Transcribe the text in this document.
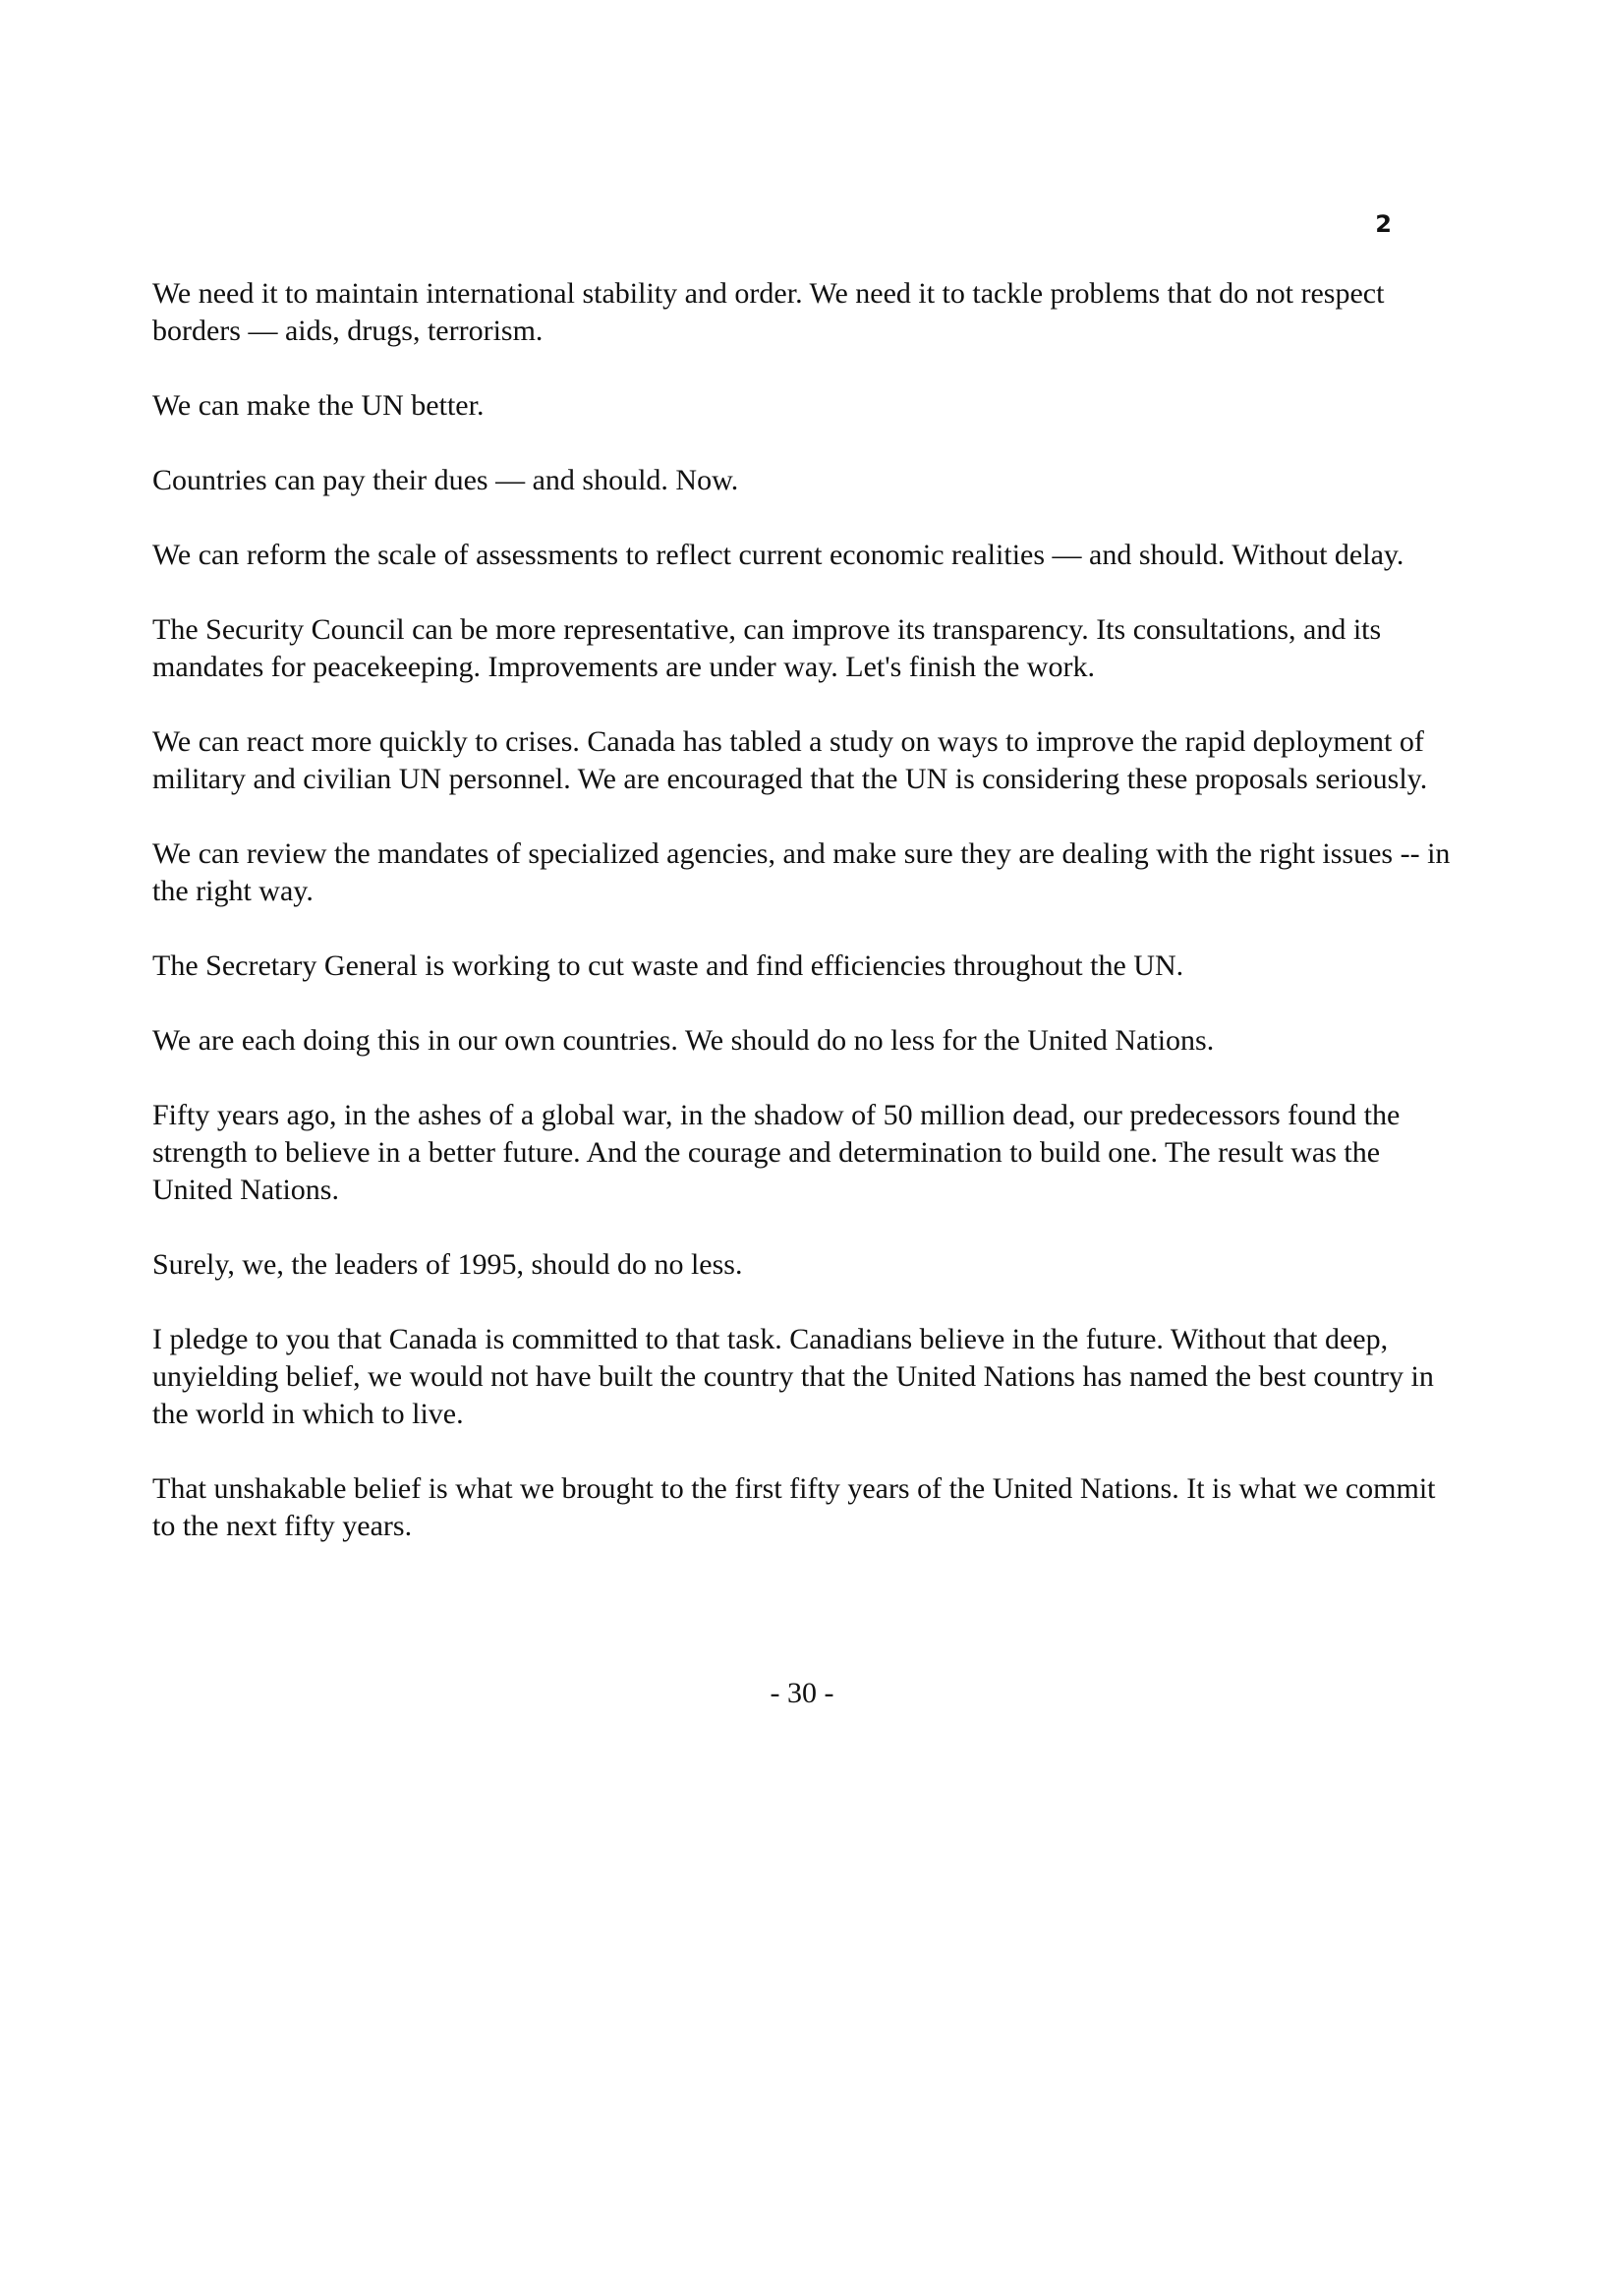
2

We need it to maintain international stability and order. We need it to tackle problems that do not respect borders — aids, drugs, terrorism.

We can make the UN better.

Countries can pay their dues — and should. Now.

We can reform the scale of assessments to reflect current economic realities — and should. Without delay.

The Security Council can be more representative, can improve its transparency. Its consultations, and its mandates for peacekeeping. Improvements are under way. Let's finish the work.

We can react more quickly to crises. Canada has tabled a study on ways to improve the rapid deployment of military and civilian UN personnel. We are encouraged that the UN is considering these proposals seriously.

We can review the mandates of specialized agencies, and make sure they are dealing with the right issues -- in the right way.

The Secretary General is working to cut waste and find efficiencies throughout the UN.

We are each doing this in our own countries. We should do no less for the United Nations.

Fifty years ago, in the ashes of a global war, in the shadow of 50 million dead, our predecessors found the strength to believe in a better future. And the courage and determination to build one. The result was the United Nations.

Surely, we, the leaders of 1995, should do no less.

I pledge to you that Canada is committed to that task. Canadians believe in the future. Without that deep, unyielding belief, we would not have built the country that the United Nations has named the best country in the world in which to live.

That unshakable belief is what we brought to the first fifty years of the United Nations. It is what we commit to the next fifty years.

- 30 -
